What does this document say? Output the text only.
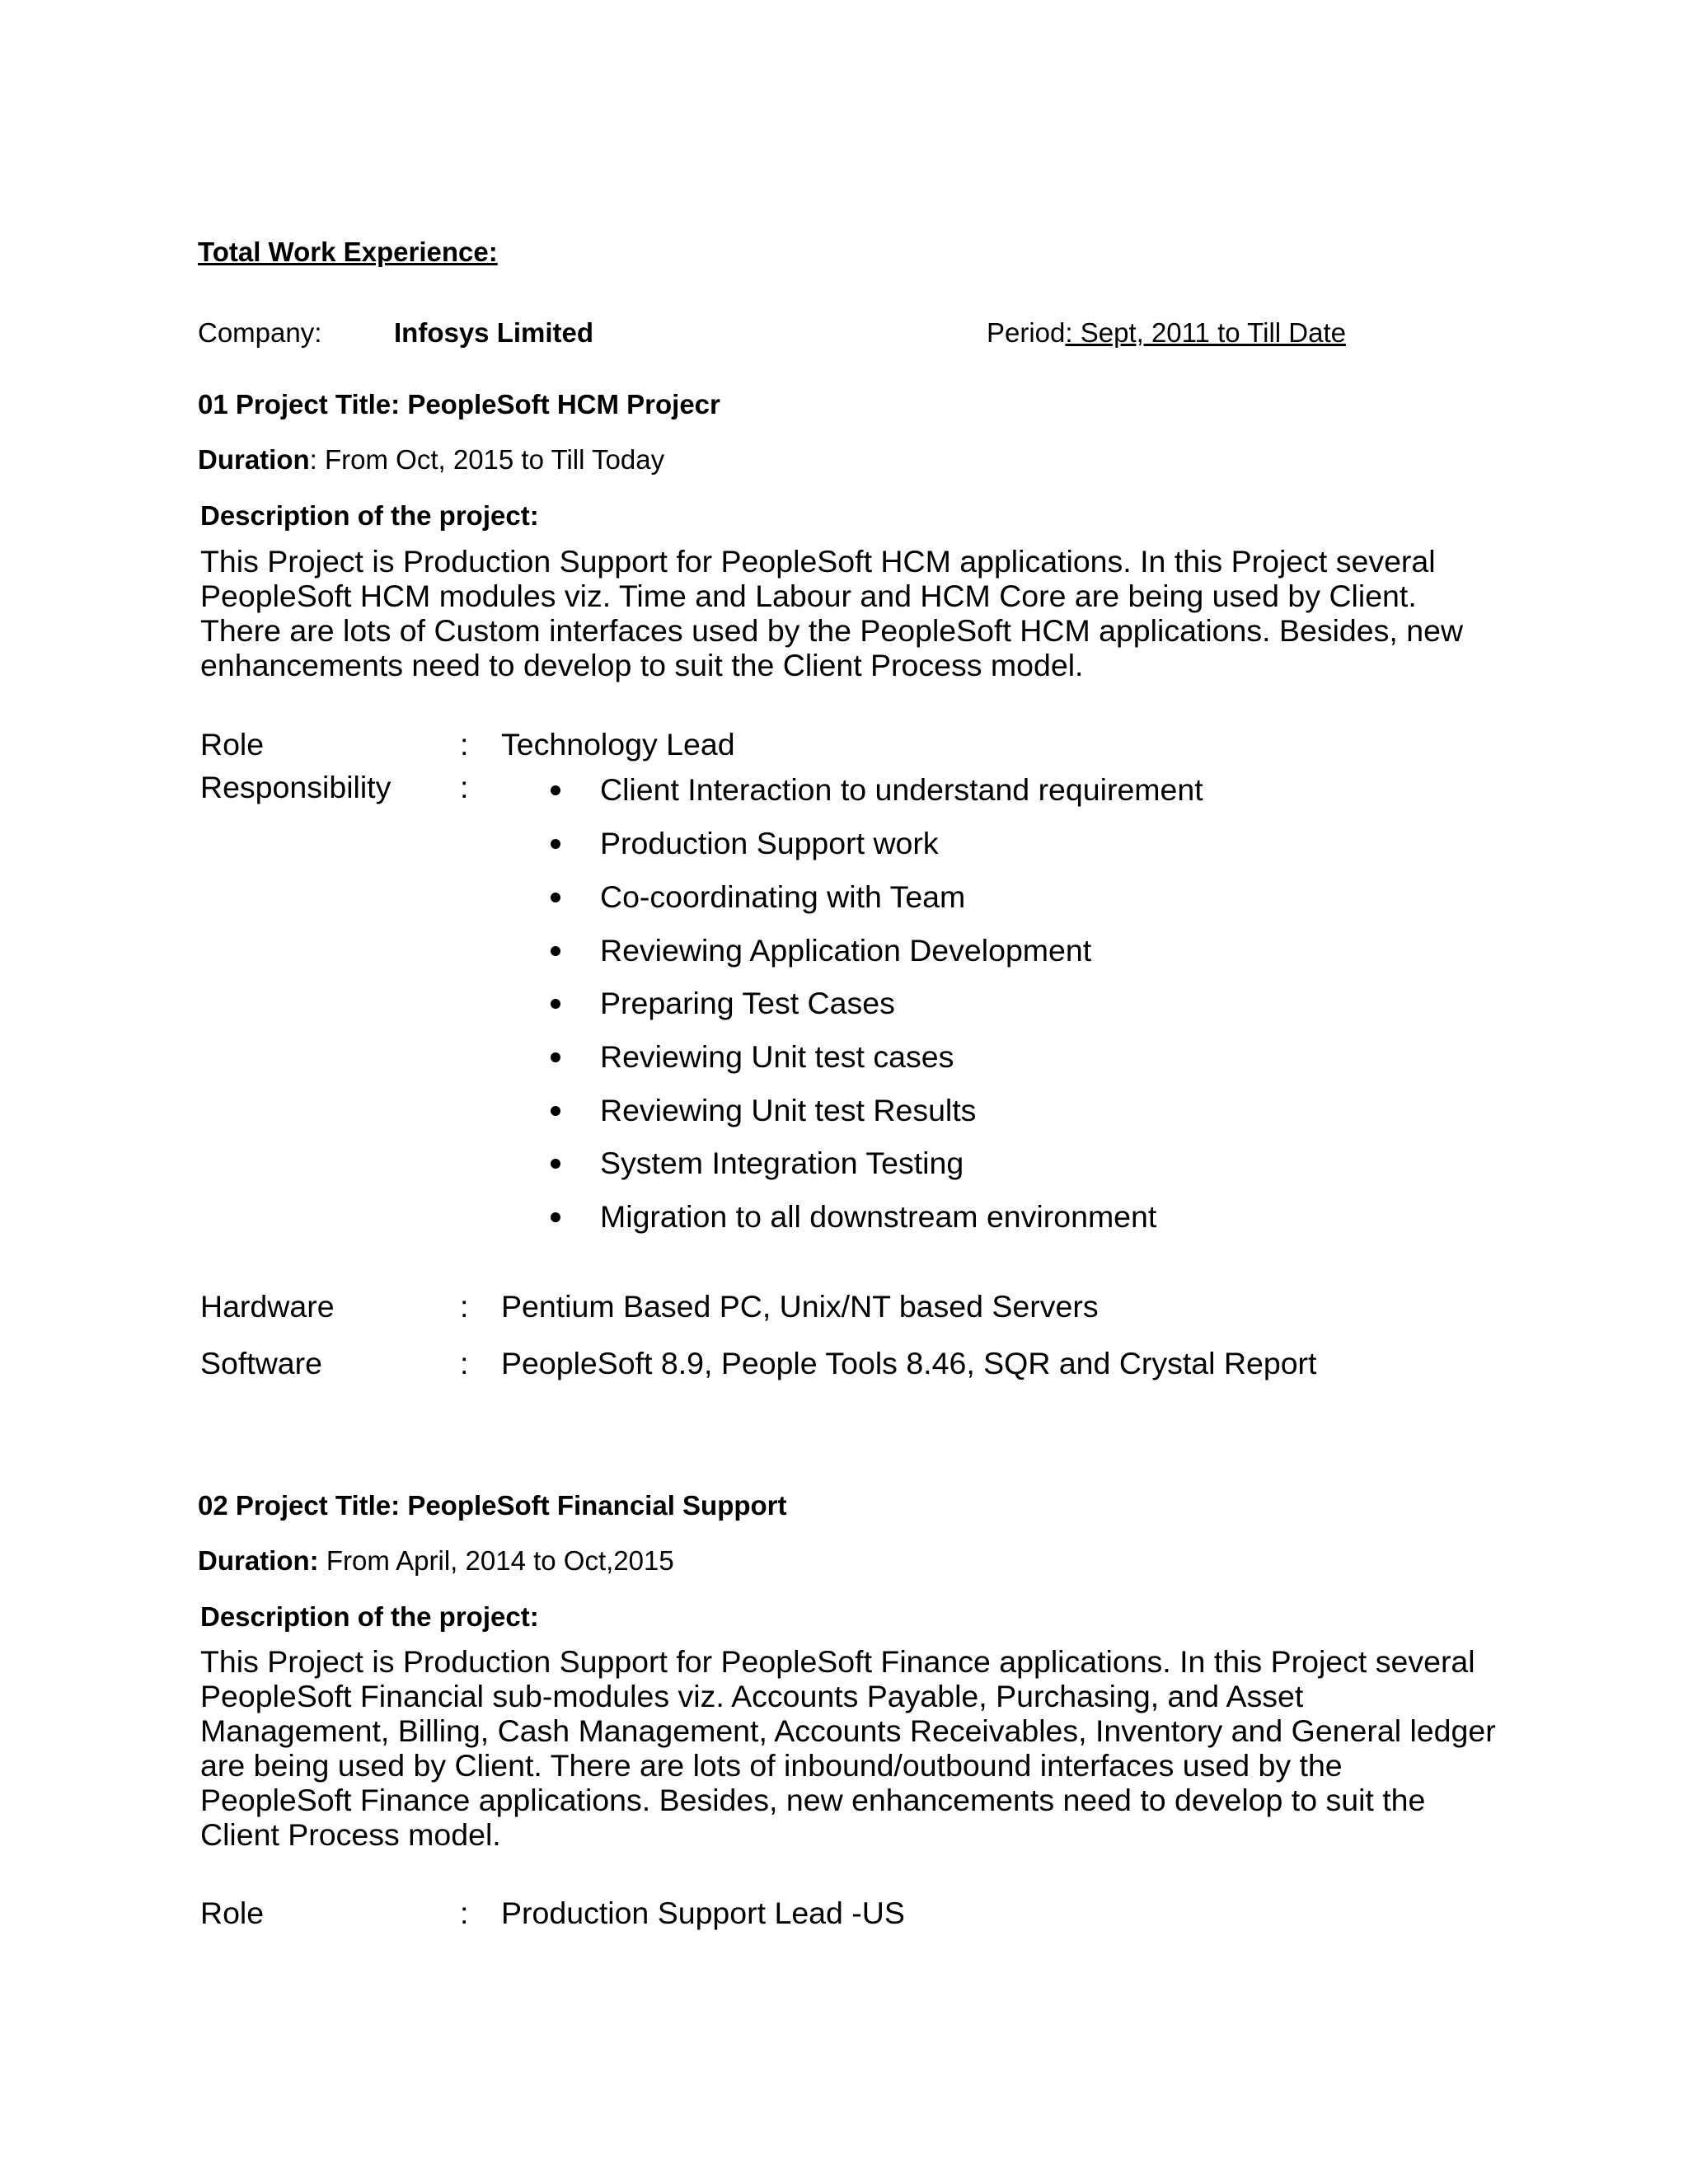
Total Work Experience:
Company:	Infosys Limited	Period: Sept, 2011 to Till Date
01 Project Title: PeopleSoft HCM Projecr
Duration: From Oct, 2015 to Till Today
Description of the project:
This Project is Production Support for PeopleSoft HCM applications. In this Project several
PeopleSoft HCM modules viz. Time and Labour and HCM Core are being used by Client.
There are lots of Custom interfaces used by the PeopleSoft HCM applications. Besides, new
enhancements need to develop to suit the Client Process model.
Role	: Technology Lead
Responsibility :	Client Interaction to understand requirement
Production Support work
Co-coordinating with Team
Reviewing Application Development
Preparing Test Cases
Reviewing Unit test cases
Reviewing Unit test Results
System Integration Testing
Migration to all downstream environment
Hardware	: Pentium Based PC, Unix/NT based Servers
Software	: PeopleSoft 8.9, People Tools 8.46, SQR and Crystal Report
02 Project Title: PeopleSoft Financial Support
Duration: From April, 2014 to Oct,2015
Description of the project:
This Project is Production Support for PeopleSoft Finance applications. In this Project several
PeopleSoft Financial sub-modules viz. Accounts Payable, Purchasing, and Asset
Management, Billing, Cash Management, Accounts Receivables, Inventory and General ledger
are being used by Client. There are lots of inbound/outbound interfaces used by the
PeopleSoft Finance applications. Besides, new enhancements need to develop to suit the
Client Process model.
Role	: Production Support Lead -US
